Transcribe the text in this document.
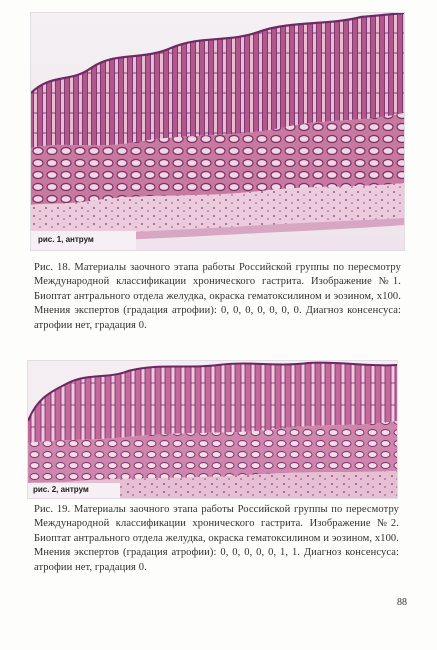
рис. 1, антрум
Рис. 18. Материалы заочного этапа работы Российской группы по пересмотру Международной классификации хронического гастрита. Изображение №1. Биоптат антрального отдела желудка, окраска гематоксилином и эозином, х100. Мнения экспертов (градация атрофии): 0, 0, 0, 0, 0, 0, 0. Диагноз консенсуса: атрофии нет, градация 0.
рис. 2, антрум
Рис. 19. Материалы заочного этапа работы Российской группы по пересмотру Международной классификации хронического гастрита. Изображение №2. Биоптат антрального отдела желудка, окраска гематоксилином и эозином, х100. Мнения экспертов (градация атрофии): 0, 0, 0, 0, 0, 1, 1. Диагноз консенсуса: атрофии нет, градация 0.
88
